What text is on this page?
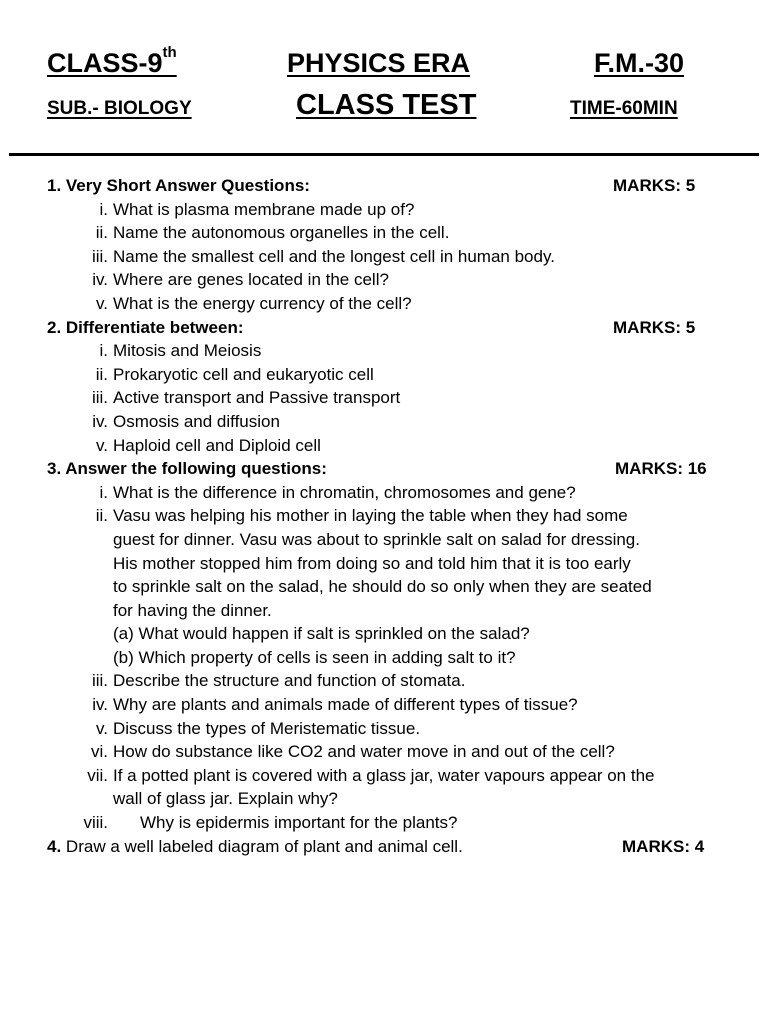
CLASS-9th	PHYSICS ERA	F.M.-30
SUB.- BIOLOGY	CLASS TEST	TIME-60MIN
1. Very Short Answer Questions:	MARKS: 5
i. What is plasma membrane made up of?
ii. Name the autonomous organelles in the cell.
iii. Name the smallest cell and the longest cell in human body.
iv. Where are genes located in the cell?
v. What is the energy currency of the cell?
2. Differentiate between:	MARKS: 5
i. Mitosis and Meiosis
ii. Prokaryotic cell and eukaryotic cell
iii. Active transport and Passive transport
iv. Osmosis and diffusion
v. Haploid cell and Diploid cell
3. Answer the following questions:	MARKS: 16
i. What is the difference in chromatin, chromosomes and gene?
ii. Vasu was helping his mother in laying the table when they had some
guest for dinner. Vasu was about to sprinkle salt on salad for dressing.
His mother stopped him from doing so and told him that it is too early
to sprinkle salt on the salad, he should do so only when they are seated
for having the dinner.
(a) What would happen if salt is sprinkled on the salad?
(b) Which property of cells is seen in adding salt to it?
iii. Describe the structure and function of stomata.
iv. Why are plants and animals made of different types of tissue?
v. Discuss the types of Meristematic tissue.
vi. How do substance like CO2 and water move in and out of the cell?
vii. If a potted plant is covered with a glass jar, water vapours appear on the
wall of glass jar. Explain why?
viii. Why is epidermis important for the plants?
4. Draw a well labeled diagram of plant and animal cell.	MARKS: 4
